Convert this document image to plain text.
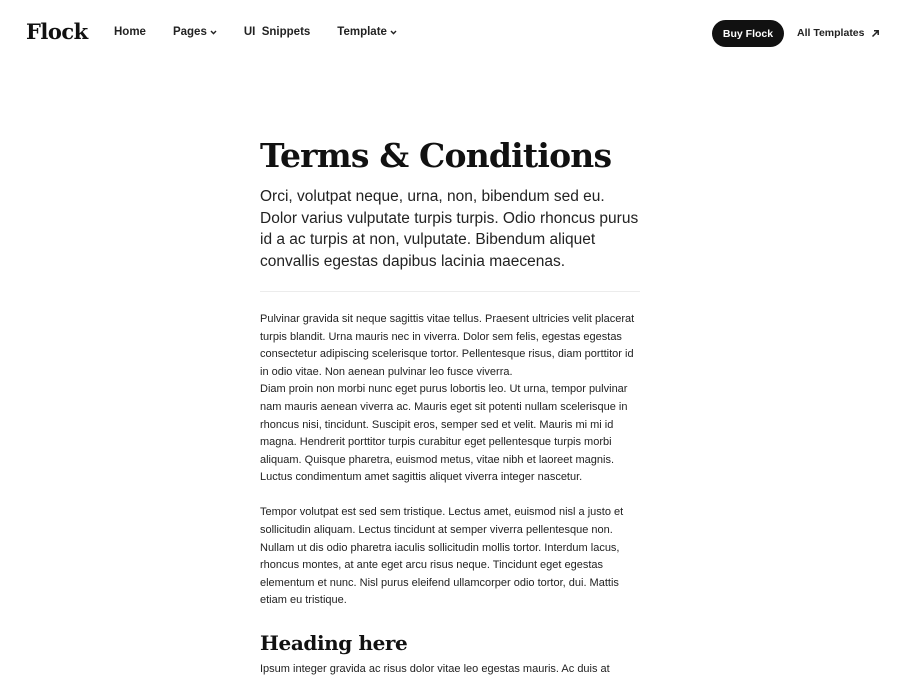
Flock Home Pages	UI  Snippets Template	Buy Flock	All Templates
Terms & Conditions

Orci, volutpat neque, urna, non, bibendum sed eu. Dolor varius vulputate turpis turpis. Odio rhoncus purus id a ac turpis at non, vulputate. Bibendum aliquet convallis egestas dapibus lacinia maecenas.

Pulvinar gravida sit neque sagittis vitae tellus. Praesent ultricies velit placerat turpis blandit. Urna mauris nec in viverra. Dolor sem felis, egestas egestas consectetur adipiscing scelerisque tortor. Pellentesque risus, diam porttitor id in odio vitae. Non aenean pulvinar leo fusce viverra.
Diam proin non morbi nunc eget purus lobortis leo. Ut urna, tempor pulvinar nam mauris aenean viverra ac. Mauris eget sit potenti nullam scelerisque in rhoncus nisi, tincidunt. Suscipit eros, semper sed et velit. Mauris mi mi id magna. Hendrerit porttitor turpis curabitur eget pellentesque turpis morbi aliquam. Quisque pharetra, euismod metus, vitae nibh et laoreet magnis. Luctus condimentum amet sagittis aliquet viverra integer nascetur.

Tempor volutpat est sed sem tristique. Lectus amet, euismod nisl a justo et sollicitudin aliquam. Lectus tincidunt at semper viverra pellentesque non. Nullam ut dis odio pharetra iaculis sollicitudin mollis tortor. Interdum lacus, rhoncus montes, at ante eget arcu risus neque. Tincidunt eget egestas elementum et nunc. Nisl purus eleifend ullamcorper odio tortor, dui. Mattis etiam eu tristique.

Heading here

Ipsum integer gravida ac risus dolor vitae leo egestas mauris. Ac duis at
